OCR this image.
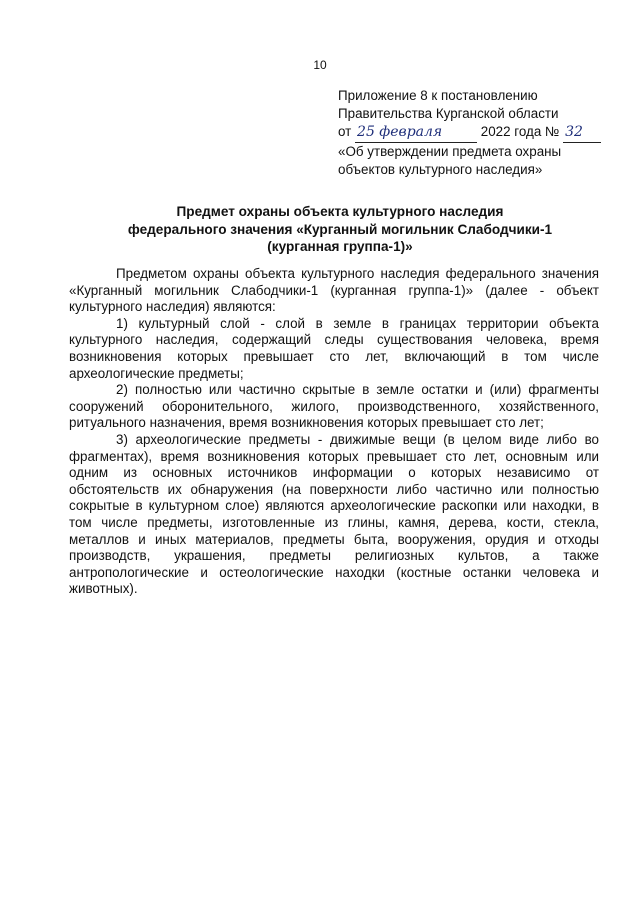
10
Приложение 8 к постановлению
Правительства Курганской области
от 25 февраля	2022 года № 32
«Об утверждении предмета охраны
объектов культурного наследия»
Предмет охраны объекта культурного наследия
федерального значения «Курганный могильник Слабодчики-1
(курганная группа-1)»

Предметом охраны объекта культурного наследия федерального значения «Курганный могильник Слабодчики-1 (курганная группа-1)» (далее - объект культурного наследия) являются:

1) культурный слой - слой в земле в границах территории объекта культурного наследия, содержащий следы существования человека, время возникновения которых превышает сто лет, включающий в том числе археологические предметы;

2) полностью или частично скрытые в земле остатки и (или) фрагменты сооружений оборонительного, жилого, производственного, хозяйственного, ритуального назначения, время возникновения которых превышает сто лет;

3) археологические предметы - движимые вещи (в целом виде либо во фрагментах), время возникновения которых превышает сто лет, основным или одним из основных источников информации о которых независимо от обстоятельств их обнаружения (на поверхности либо частично или полностью сокрытые в культурном слое) являются археологические раскопки или находки, в том числе предметы, изготовленные из глины, камня, дерева, кости, стекла, металлов и иных материалов, предметы быта, вооружения, орудия и отходы производств, украшения, предметы религиозных культов, а также антропологические и остеологические находки (костные останки человека и животных).
